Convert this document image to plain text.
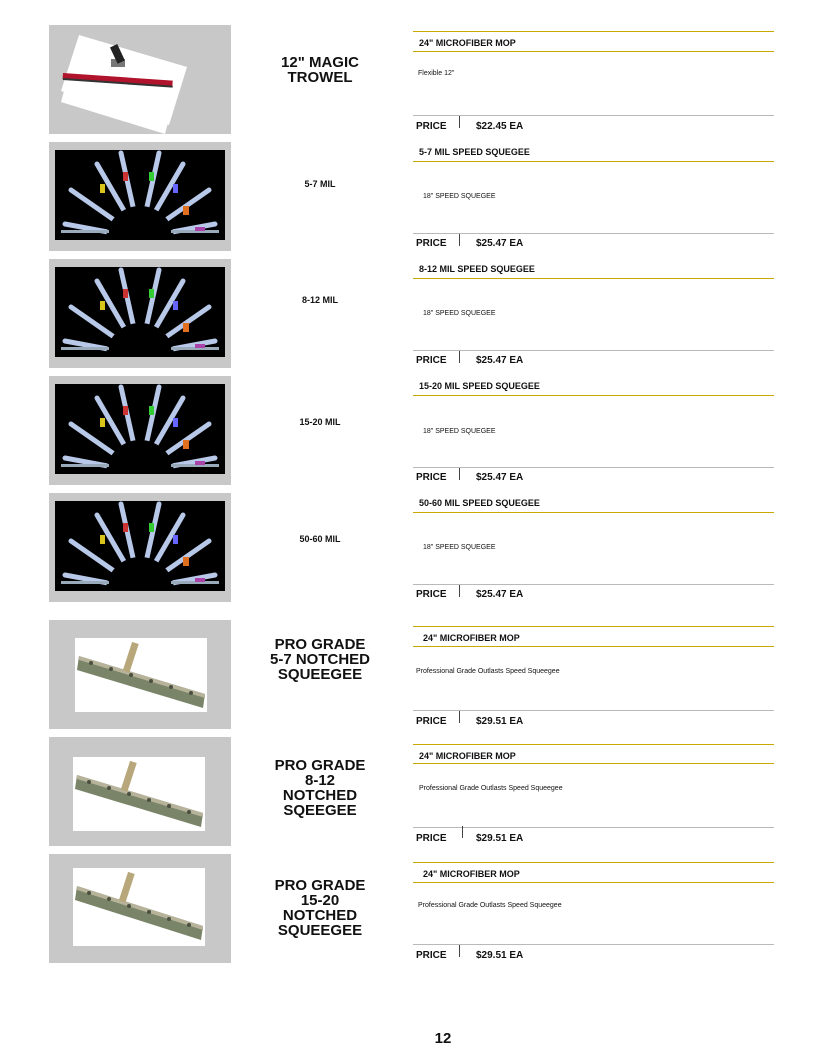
12" MAGIC
TROWEL
24" MICROFIBER MOP
Flexible 12"
PRICE	$22.45 EA
5-7 MIL
5-7 MIL SPEED SQUEGEE
18" SPEED SQUEGEE
PRICE	$25.47 EA
8-12 MIL
8-12 MIL SPEED SQUEGEE
18" SPEED SQUEGEE
PRICE	$25.47 EA
15-20 MIL
15-20 MIL SPEED SQUEGEE
18" SPEED SQUEGEE
PRICE	$25.47 EA
50-60 MIL
50-60 MIL SPEED SQUEGEE
18" SPEED SQUEGEE
PRICE	$25.47 EA
PRO GRADE
5-7 NOTCHED
SQUEEGEE
24" MICROFIBER MOP
Professional Grade Outlasts Speed Squeegee
PRICE	$29.51 EA
PRO GRADE
8-12
NOTCHED
SQEEGEE
24" MICROFIBER MOP
Professional Grade Outlasts Speed Squeegee
PRICE	$29.51 EA
PRO GRADE
15-20
NOTCHED
SQUEEGEE
24" MICROFIBER MOP
Professional Grade Outlasts Speed Squeegee
PRICE	$29.51 EA
12
